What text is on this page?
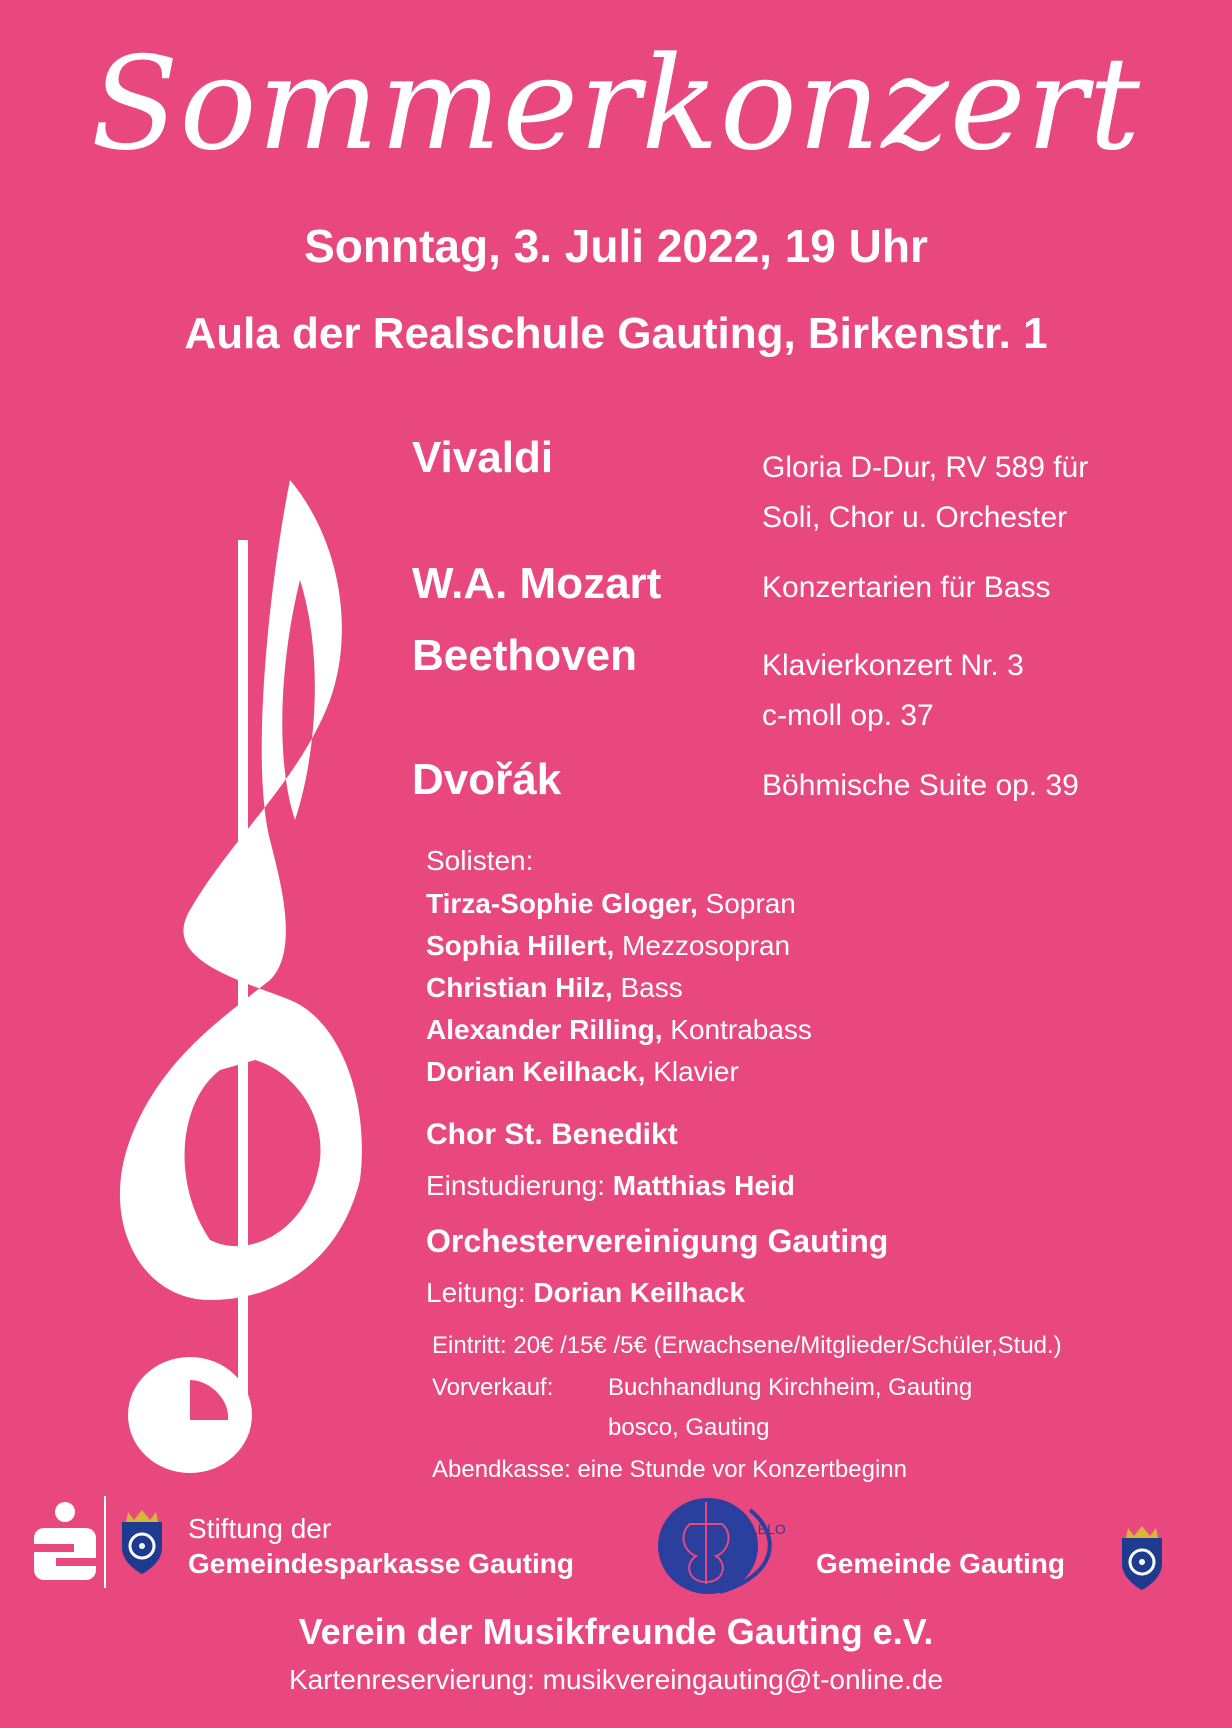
Sommerkonzert
Sonntag, 3. Juli 2022, 19 Uhr
Aula der Realschule Gauting, Birkenstr. 1
Vivaldi	Gloria D-Dur, RV 589 für
Soli, Chor u. Orchester
W.A. Mozart	Konzertarien für Bass
Beethoven	Klavierkonzert Nr. 3
c-moll op. 37
Dvořák	Böhmische Suite op. 39
Solisten:
Tirza-Sophie Gloger, Sopran
Sophia Hillert, Mezzosopran
Christian Hilz, Bass
Alexander Rilling, Kontrabass
Dorian Keilhack, Klavier
Chor St. Benedikt
Einstudierung: Matthias Heid
Orchestervereinigung Gauting
Leitung: Dorian Keilhack
Eintritt: 20€ /15€ /5€ (Erwachsene/Mitglieder/Schüler,Stud.)
Vorverkauf: Buchhandlung Kirchheim, Gauting
bosco, Gauting
Abendkasse: eine Stunde vor Konzertbeginn
Stiftung der
Gemeindesparkasse Gauting
LBLO
Gemeinde Gauting
Verein der Musikfreunde Gauting e.V.
Kartenreservierung: musikvereingauting@t-online.de
